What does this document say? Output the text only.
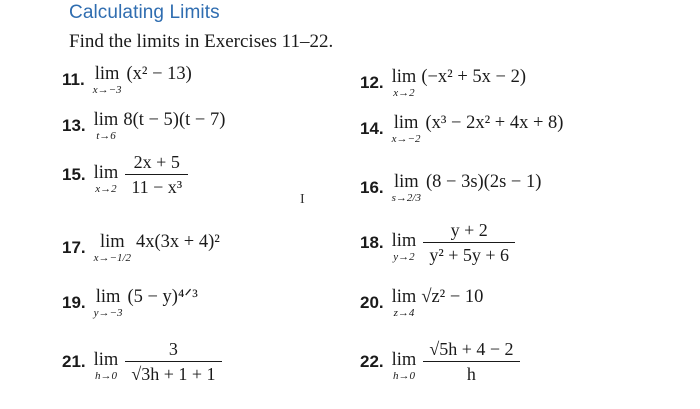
Calculating Limits
Find the limits in Exercises 11–22.
11. lim
x→−3
(x² − 13)	12. lim
x→2
(−x² + 5x − 2)
13. lim
t→6
8(t − 5)(t − 7)	14. lim
x→−2
(x³ − 2x² + 4x + 8)
15. lim
$x\to 2 \frac{2x + 5}{\text{11 − x³}}$	16. lim
s→2/3
(8 − 3s)(2s − 1)
I
17. lim
x→−1/2
4x(3x + 4)²	18. lim
$y\to 2 \frac{y + 2}{\text{y² + 5y + 6}}$
19. lim
y→−3
(5 − y)⁴ᐟ³	20. lim
z→4
√z² − 10
21. lim
$h\to 0 \frac{3}{√3h + 1 + 1}$	22. lim
$h\to 0 \frac{√5h + 4 - 2}{h}$
